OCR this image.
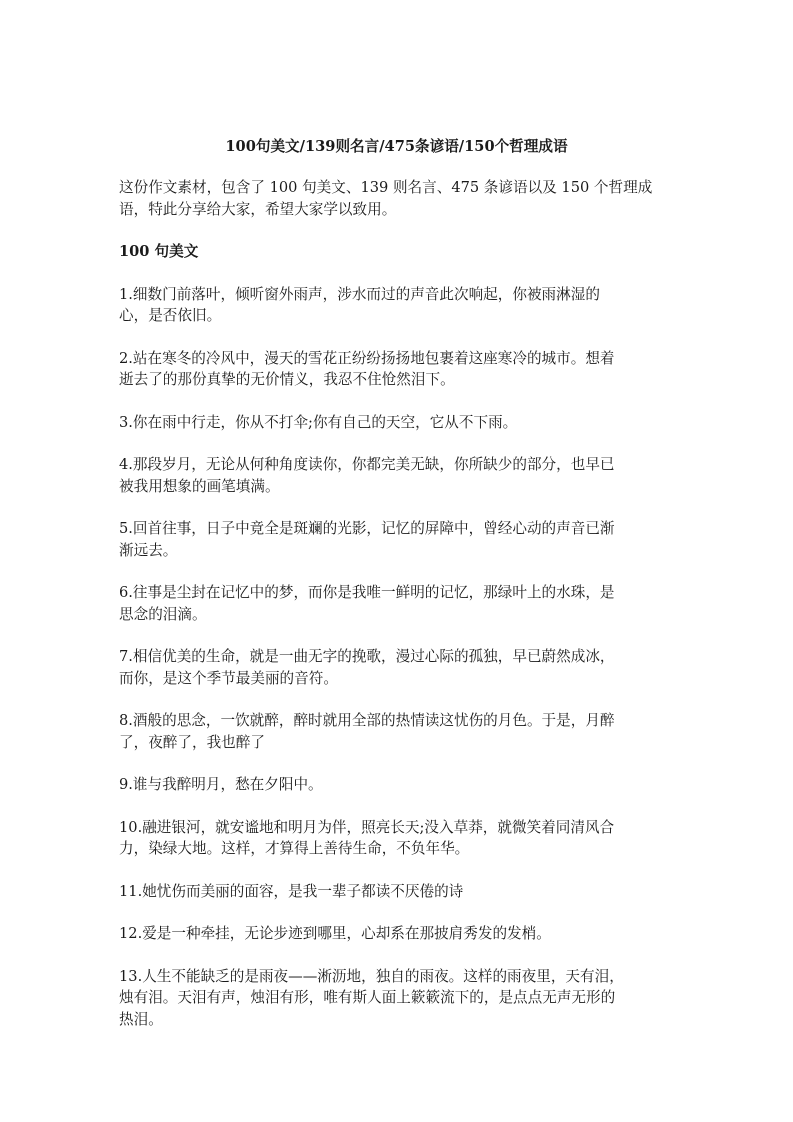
100句美文/139则名言/475条谚语/150个哲理成语
这份作文素材，包含了 100 句美文、139 则名言、475 条谚语以及 150 个哲理成
语，特此分享给大家，希望大家学以致用。
100 句美文
1.细数门前落叶，倾听窗外雨声，涉水而过的声音此次响起，你被雨淋湿的
心，是否依旧。
2.站在寒冬的冷风中，漫天的雪花正纷纷扬扬地包裹着这座寒冷的城市。想着
逝去了的那份真挚的无价情义，我忍不住怆然泪下。
3.你在雨中行走，你从不打伞;你有自己的天空，它从不下雨。
4.那段岁月，无论从何种角度读你，你都完美无缺，你所缺少的部分，也早已
被我用想象的画笔填满。
5.回首往事，日子中竟全是斑斓的光影，记忆的屏障中，曾经心动的声音已渐
渐远去。
6.往事是尘封在记忆中的梦，而你是我唯一鲜明的记忆，那绿叶上的水珠，是
思念的泪滴。
7.相信优美的生命，就是一曲无字的挽歌，漫过心际的孤独，早已蔚然成冰，
而你，是这个季节最美丽的音符。
8.酒般的思念，一饮就醉，醉时就用全部的热情读这忧伤的月色。于是，月醉
了，夜醉了，我也醉了
9.谁与我醉明月，愁在夕阳中。
10.融进银河，就安谧地和明月为伴，照亮长天;没入草莽，就微笑着同清风合
力，染绿大地。这样，才算得上善待生命，不负年华。
11.她忧伤而美丽的面容，是我一辈子都读不厌倦的诗
12.爱是一种牵挂，无论步迹到哪里，心却系在那披肩秀发的发梢。
13.人生不能缺乏的是雨夜——淅沥地，独自的雨夜。这样的雨夜里，天有泪，
烛有泪。天泪有声，烛泪有形，唯有斯人面上簌簌流下的，是点点无声无形的
热泪。
